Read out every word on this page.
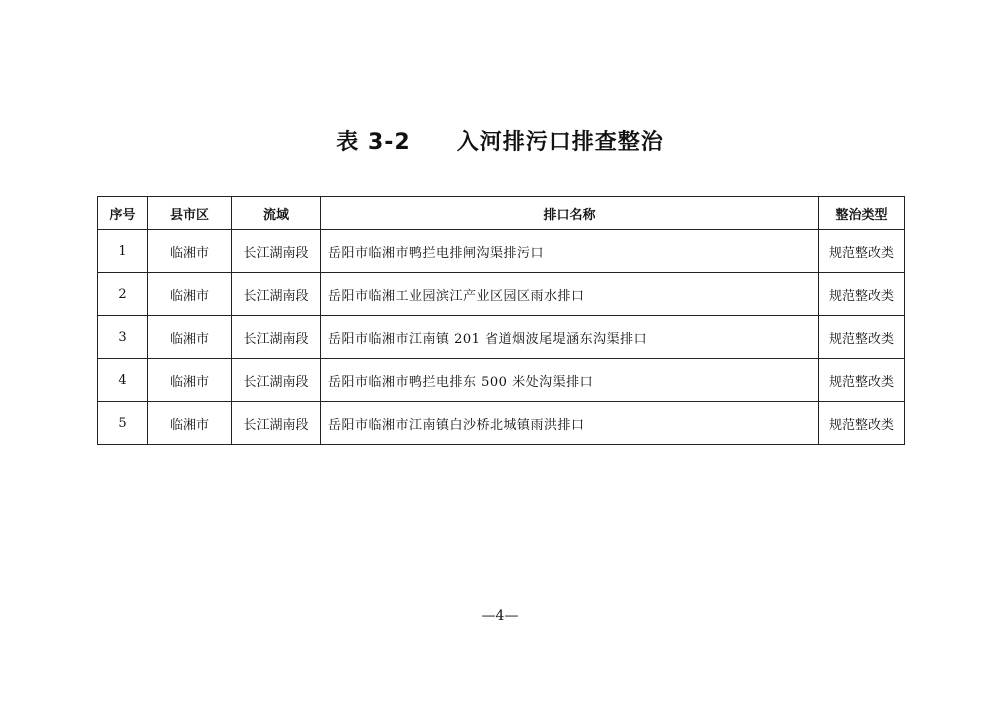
表 3-2　　入河排污口排查整治
序号	县市区	流域	排口名称	整治类型
1	临湘市	长江湖南段	岳阳市临湘市鸭拦电排闸沟渠排污口	规范整改类
2	临湘市	长江湖南段	岳阳市临湘工业园滨江产业区园区雨水排口	规范整改类
3	临湘市	长江湖南段	岳阳市临湘市江南镇 201 省道烟波尾堤涵东沟渠排口	规范整改类
4	临湘市	长江湖南段	岳阳市临湘市鸭拦电排东 500 米处沟渠排口	规范整改类
5	临湘市	长江湖南段	岳阳市临湘市江南镇白沙桥北城镇雨洪排口	规范整改类
—4—
